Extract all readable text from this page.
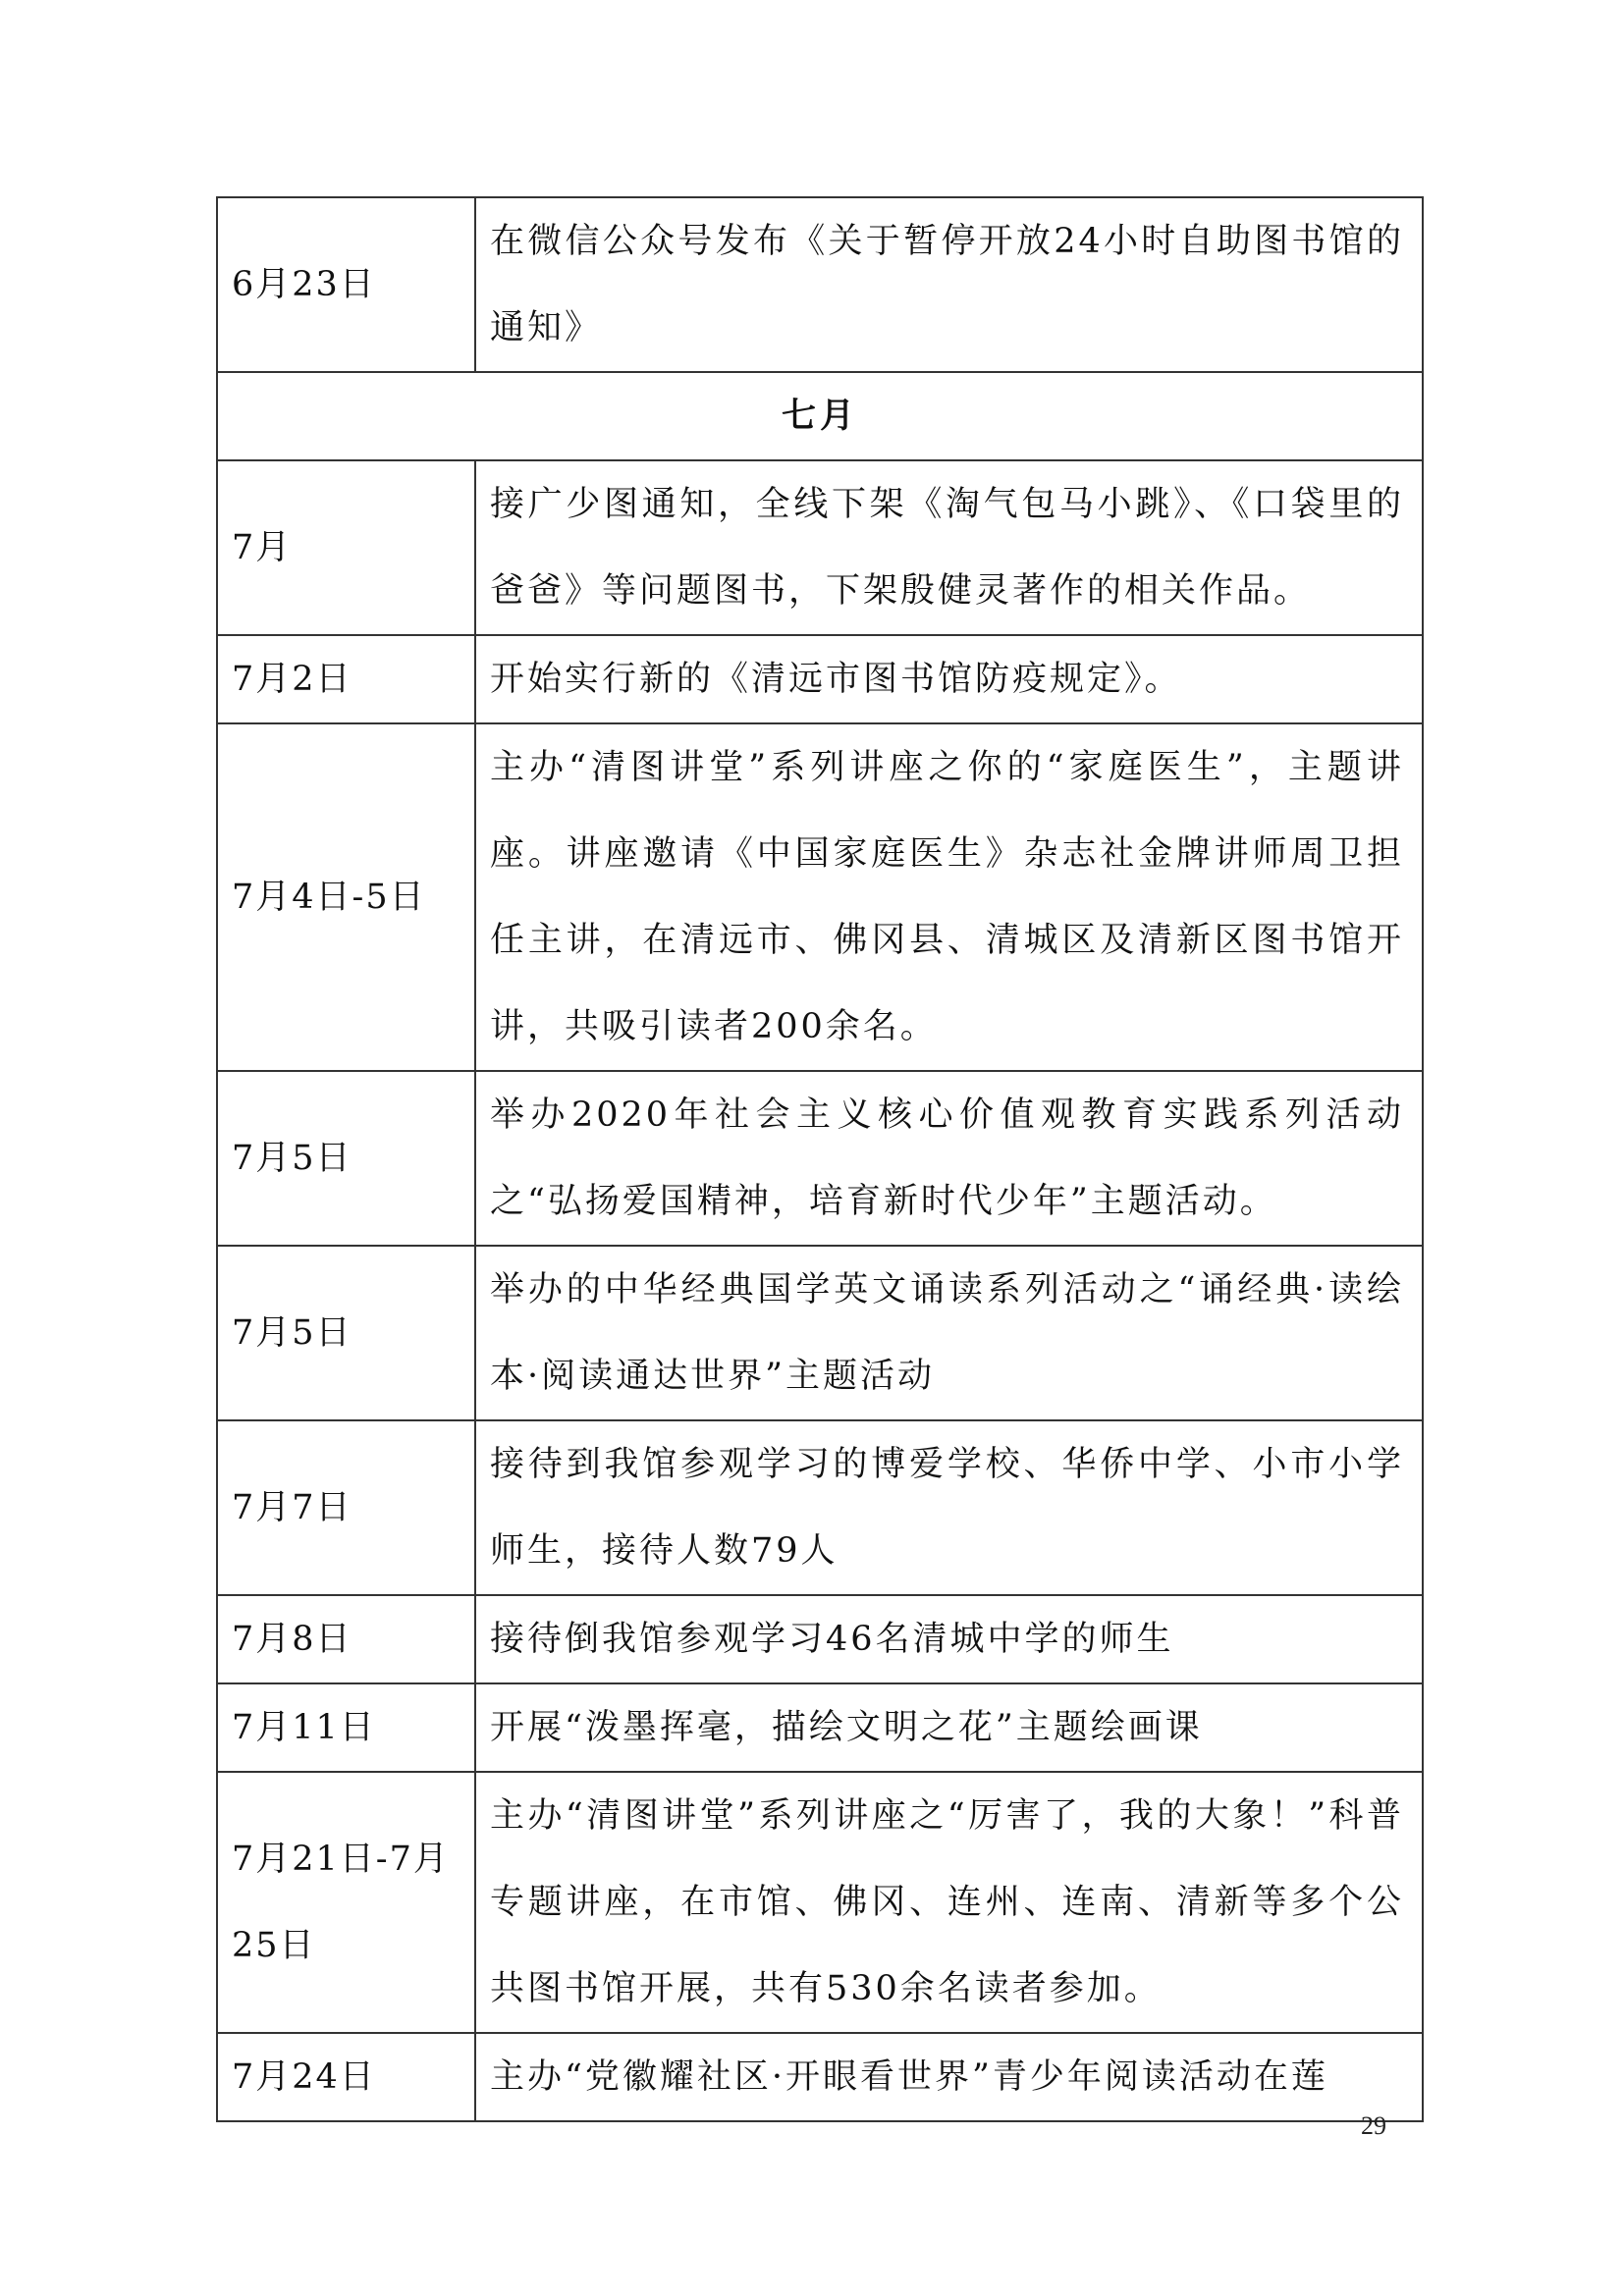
6月23日	在微信公众号发布《关于暂停开放24小时自助图书馆的通知》
七月	
7月	接广少图通知，全线下架《淘气包马小跳》、《口袋里的爸爸》等问题图书，下架殷健灵著作的相关作品。
7月2日	开始实行新的《清远市图书馆防疫规定》。
7月4日-5日	主办“清图讲堂”系列讲座之你的“家庭医生”，主题讲座。讲座邀请《中国家庭医生》杂志社金牌讲师周卫担任主讲，在清远市、佛冈县、清城区及清新区图书馆开讲，共吸引读者200余名。
7月5日	举办2020年社会主义核心价值观教育实践系列活动之“弘扬爱国精神，培育新时代少年”主题活动。
7月5日	举办的中华经典国学英文诵读系列活动之“诵经典·读绘本·阅读通达世界”主题活动
7月7日	接待到我馆参观学习的博爱学校、华侨中学、小市小学师生，接待人数79人
7月8日	接待倒我馆参观学习46名清城中学的师生
7月11日	开展“泼墨挥毫，描绘文明之花”主题绘画课
7月21日-7月25日	主办“清图讲堂”系列讲座之“厉害了，我的大象！”科普专题讲座，在市馆、佛冈、连州、连南、清新等多个公共图书馆开展，共有530余名读者参加。
7月24日	主办“党徽耀社区·开眼看世界”青少年阅读活动在莲
29
